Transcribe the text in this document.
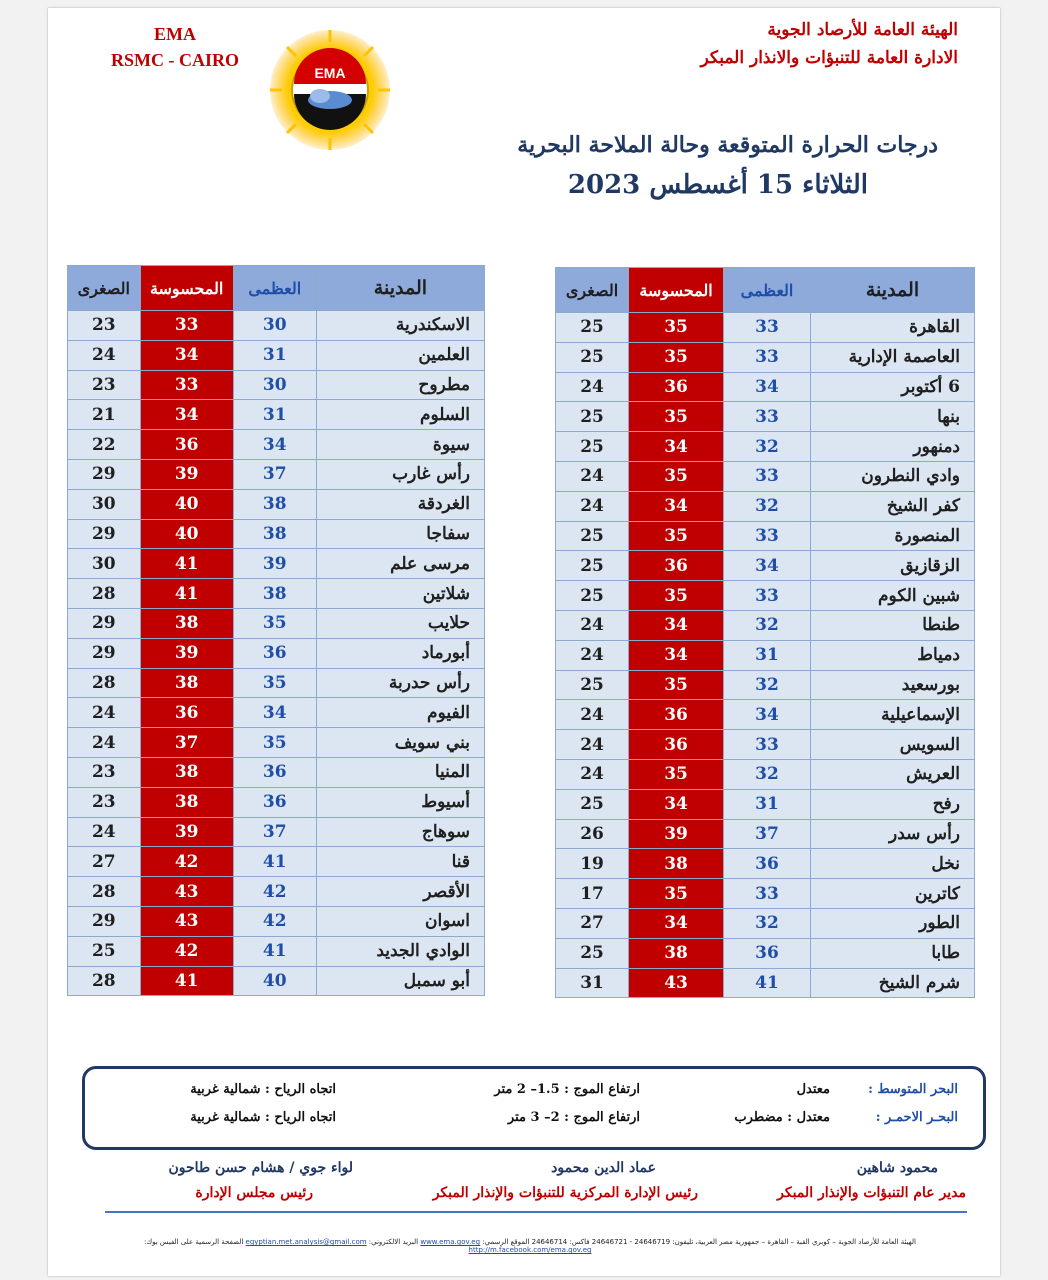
EMA
RSMC - CAIRO
EMA
الهيئة العامة للأرصاد الجوية
الادارة العامة للتنبؤات والانذار المبكر
درجات الحرارة المتوقعة وحالة الملاحة البحرية
الثلاثاء 15 أغسطس 2023
المدينة	العظمى	المحسوسة	الصغرى
القاهرة	33	35	25
العاصمة الإدارية	33	35	25
6 أكتوبر	34	36	24
بنها	33	35	25
دمنهور	32	34	25
وادي النطرون	33	35	24
كفر الشيخ	32	34	24
المنصورة	33	35	25
الزقازيق	34	36	25
شبين الكوم	33	35	25
طنطا	32	34	24
دمياط	31	34	24
بورسعيد	32	35	25
الإسماعيلية	34	36	24
السويس	33	36	24
العريش	32	35	24
رفح	31	34	25
رأس سدر	37	39	26
نخل	36	38	19
كاترين	33	35	17
الطور	32	34	27
طابا	36	38	25
شرم الشيخ	41	43	31
المدينة	العظمى	المحسوسة	الصغرى
الاسكندرية	30	33	23
العلمين	31	34	24
مطروح	30	33	23
السلوم	31	34	21
سيوة	34	36	22
رأس غارب	37	39	29
الغردقة	38	40	30
سفاجا	38	40	29
مرسى علم	39	41	30
شلاتين	38	41	28
حلايب	35	38	29
أبورماد	36	39	29
رأس حدربة	35	38	28
الفيوم	34	36	24
بني سويف	35	37	24
المنيا	36	38	23
أسيوط	36	38	23
سوهاج	37	39	24
قنا	41	42	27
الأقصر	42	43	28
اسوان	42	43	29
الوادي الجديد	41	42	25
أبو سمبل	40	41	28
البحر المتوسط :
معتدل
ارتفاع الموج : 1.5– 2 متر
اتجاه الرياح : شمالية غربية
البحـر الاحمـر :
معتدل : مضطرب
ارتفاع الموج : 2– 3 متر
اتجاه الرياح : شمالية غربية
محمود شاهين
مدير عام التنبؤات والإنذار المبكر
عماد الدين محمود
رئيس الإدارة المركزية للتنبؤات والإنذار المبكر
لواء جوي / هشام حسن طاحون
رئيس مجلس الإدارة
الهيئة العامة للأرصاد الجوية – كوبري القبة – القاهرة – جمهورية مصر العربية، تليفون: 24646719 - 24646721 فاكس: 24646714 الموقع الرسمي: www.ema.gov.eg البريد الالكتروني: egyptian.met.analysis@gmail.com الصفحة الرسمية على الفيس بوك: http://m.facebook.com/ema.gov.eg
